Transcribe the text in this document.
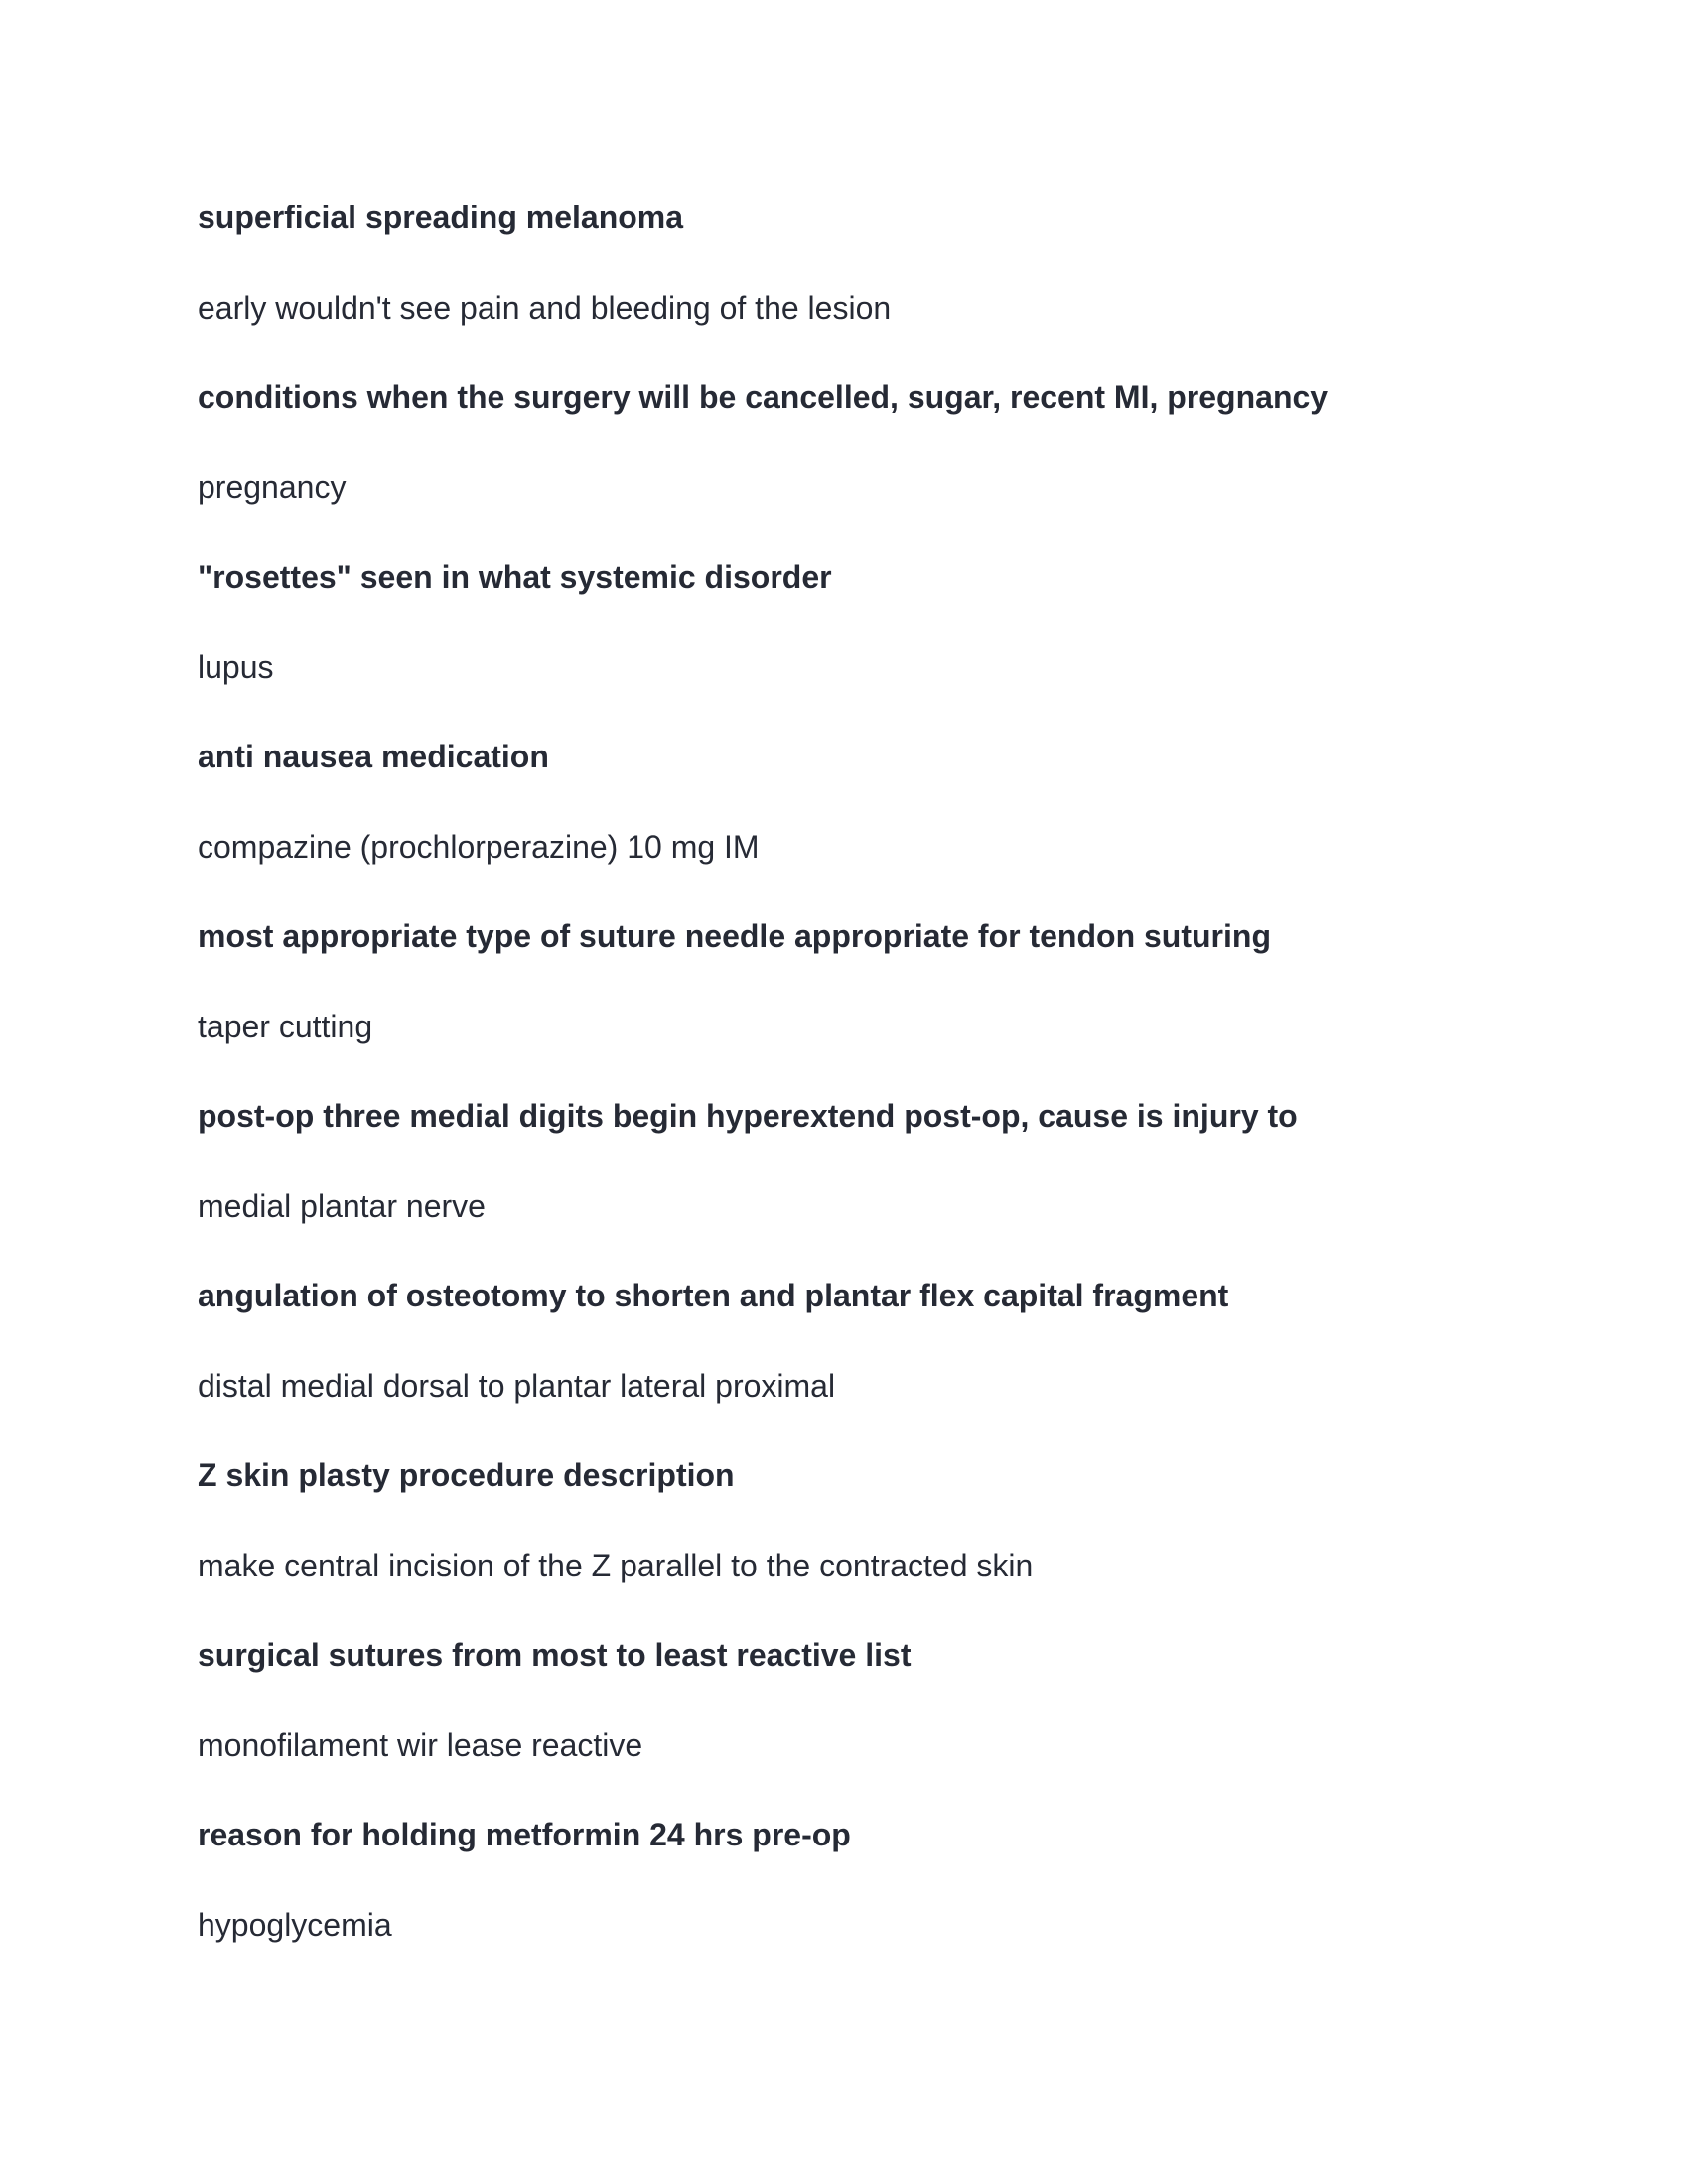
superficial spreading melanoma

early wouldn't see pain and bleeding of the lesion

conditions when the surgery will be cancelled, sugar, recent MI, pregnancy

pregnancy

"rosettes" seen in what systemic disorder

lupus

anti nausea medication

compazine (prochlorperazine) 10 mg IM

most appropriate type of suture needle appropriate for tendon suturing

taper cutting

post-op three medial digits begin hyperextend post-op, cause is injury to

medial plantar nerve

angulation of osteotomy to shorten and plantar flex capital fragment

distal medial dorsal to plantar lateral proximal

Z skin plasty procedure description

make central incision of the Z parallel to the contracted skin

surgical sutures from most to least reactive list

monofilament wir lease reactive

reason for holding metformin 24 hrs pre-op

hypoglycemia
